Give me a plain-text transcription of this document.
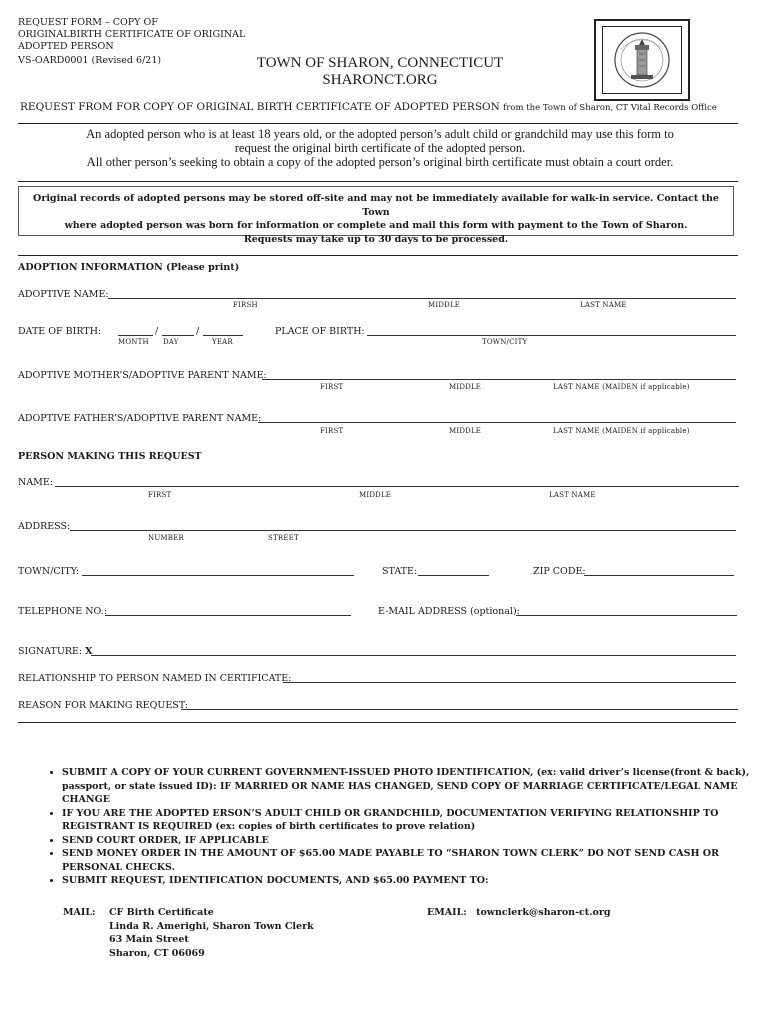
REQUEST FORM – COPY OF
ORIGINALBIRTH CERTIFICATE OF ORIGINAL
ADOPTED PERSON
VS-OARD0001 (Revised 6/21)	TOWN OF SHARON, CONNECTICUT
SHARONCT.ORG
REQUEST FROM FOR COPY OF ORIGINAL BIRTH CERTIFICATE OF ADOPTED PERSON from the Town of Sharon, CT Vital Records Office
An adopted person who is at least 18 years old, or the adopted person’s adult child or grandchild may use this form to
request the original birth certificate of the adopted person.
All other person’s seeking to obtain a copy of the adopted person’s original birth certificate must obtain a court order.
Original records of adopted persons may be stored off-site and may not be immediately available for walk-in service. Contact the Town
where adopted person was born for information or complete and mail this form with payment to the Town of Sharon.
Requests may take up to 30 days to be processed.
ADOPTION INFORMATION (Please print)
ADOPTIVE NAME:
FIRSH	MIDDLE	LAST NAME
DATE OF BIRTH:	/	/
MONTH DAY	YEAR
PLACE OF BIRTH:
TOWN/CITY
ADOPTIVE MOTHER’S/ADOPTIVE PARENT NAME:
FIRST	MIDDLE	LAST NAME (MAIDEN if applicable)
ADOPTIVE FATHER’S/ADOPTIVE PARENT NAME:
FIRST	MIDDLE	LAST NAME (MAIDEN if applicable)
PERSON MAKING THIS REQUEST
NAME:
FIRST	MIDDLE	LAST NAME
ADDRESS:
NUMBER	STREET
TOWN/CITY:	STATE:	ZIP CODE:
TELEPHONE NO.:	E-MAIL ADDRESS (optional):
SIGNATURE: X
RELATIONSHIP TO PERSON NAMED IN CERTIFICATE:
REASON FOR MAKING REQUEST:
• SUBMIT A COPY OF YOUR CURRENT GOVERNMENT-ISSUED PHOTO IDENTIFICATION, (ex: valid driver’s license(front & back), passport, or state issued ID): IF MARRIED OR NAME HAS CHANGED, SEND COPY OF MARRIAGE CERTIFICATE/LEGAL NAME CHANGE
• IF YOU ARE THE ADOPTED ERSON’S ADULT CHILD OR GRANDCHILD, DOCUMENTATION VERIFYING RELATIONSHIP TO REGISTRANT IS REQUIRED (ex: copies of birth certificates to prove relation)
• SEND COURT ORDER, IF APPLICABLE
• SEND MONEY ORDER IN THE AMOUNT OF $65.00 MADE PAYABLE TO “SHARON TOWN CLERK” DO NOT SEND CASH OR PERSONAL CHECKS.
• SUBMIT REQUEST, IDENTIFICATION DOCUMENTS, AND $65.00 PAYMENT TO:
MAIL: CF Birth Certificate
Linda R. Amerighi, Sharon Town Clerk
63 Main Street
Sharon, CT 06069
EMAIL: townclerk@sharon-ct.org
